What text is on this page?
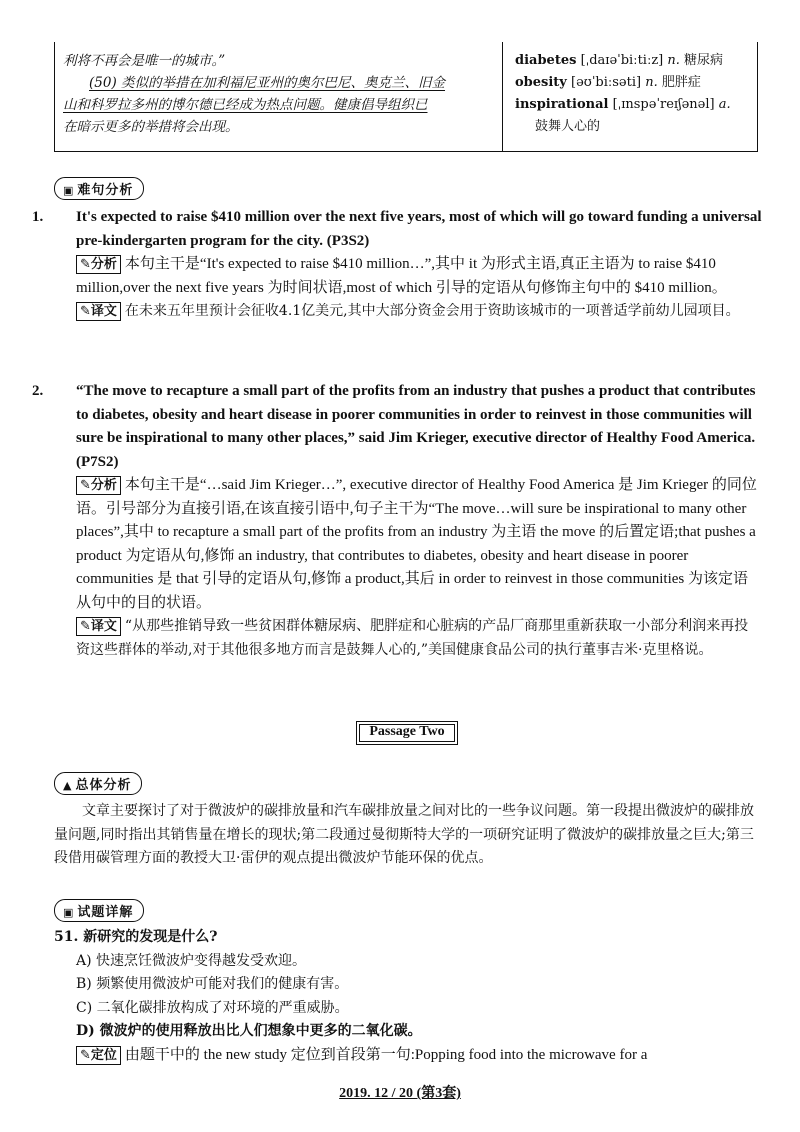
利将不再会是唯一的城市。”

(50) 类似的举措在加利福尼亚州的奥尔巴尼、奥克兰、旧金

山和科罗拉多州的博尔德已经成为热点问题。健康倡导组织已

在暗示更多的举措将会出现。

diabetes [ˌdaɪəˈbiːtiːz] n. 糖尿病
obesity [əʊˈbiːsəti] n. 肥胖症
inspirational [ˌɪnspəˈreɪʃənəl] a.
鼓舞人心的
▣ 难句分析
1. It's expected to raise $410 million over the next five years, most of which will go toward funding a universal pre-kindergarten program for the city. (P3S2)
✎分析 本句主干是“It's expected to raise $410 million…”,其中 it 为形式主语,真正主语为 to raise $410 million,over the next five years 为时间状语,most of which 引导的定语从句修饰主句中的 $410 million。
✎译文 在未来五年里预计会征收4.1亿美元,其中大部分资金会用于资助该城市的一项普适学前幼儿园项目。
2. “The move to recapture a small part of the profits from an industry that pushes a product that contributes to diabetes, obesity and heart disease in poorer communities in order to reinvest in those communities will sure be inspirational to many other places,” said Jim Krieger, executive director of Healthy Food America. (P7S2)
✎分析 本句主干是“…said Jim Krieger…”, executive director of Healthy Food America 是 Jim Krieger 的同位语。引号部分为直接引语,在该直接引语中,句子主干为“The move…will sure be inspirational to many other places”,其中 to recapture a small part of the profits from an industry 为主语 the move 的后置定语;that pushes a product 为定语从句,修饰 an industry, that contributes to diabetes, obesity and heart disease in poorer communities 是 that 引导的定语从句,修饰 a product,其后 in order to reinvest in those communities 为该定语从句中的目的状语。
✎译文 “从那些推销导致一些贫困群体糖尿病、肥胖症和心脏病的产品厂商那里重新获取一小部分利润来再投资这些群体的举动,对于其他很多地方而言是鼓舞人心的,”美国健康食品公司的执行董事吉米·克里格说。
Passage Two
▲ 总体分析
文章主要探讨了对于微波炉的碳排放量和汽车碳排放量之间对比的一些争议问题。第一段提出微波炉的碳排放量问题,同时指出其销售量在增长的现状;第二段通过曼彻斯特大学的一项研究证明了微波炉的碳排放量之巨大;第三段借用碳管理方面的教授大卫·雷伊的观点提出微波炉节能环保的优点。
▣ 试题详解
51. 新研究的发现是什么?
A) 快速烹饪微波炉变得越发受欢迎。
B) 频繁使用微波炉可能对我们的健康有害。
C) 二氧化碳排放构成了对环境的严重威胁。
D) 微波炉的使用释放出比人们想象中更多的二氧化碳。
✎定位 由题干中的 the new study 定位到首段第一句:Popping food into the microwave for a
2019. 12 / 20 (第3套)
